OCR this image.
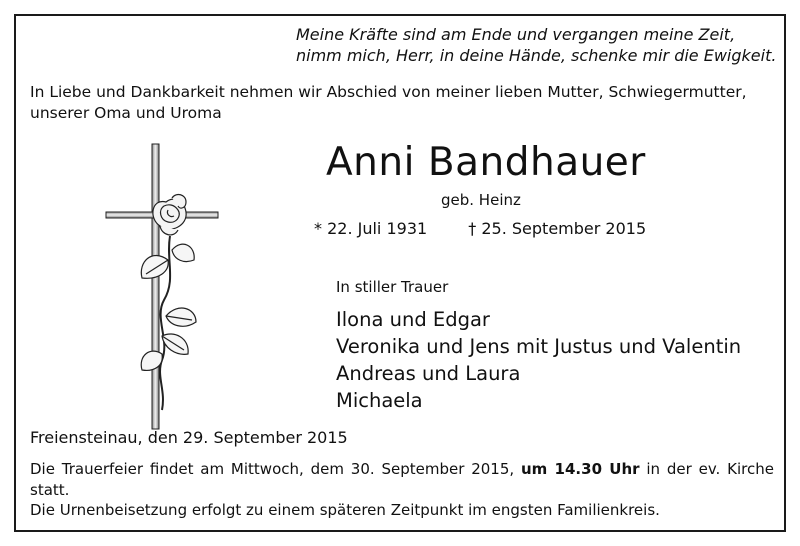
Meine Kräfte sind am Ende und vergangen meine Zeit,
nimm mich, Herr, in deine Hände, schenke mir die Ewigkeit.
In Liebe und Dankbarkeit nehmen wir Abschied von meiner lieben Mutter, Schwiegermutter, unserer Oma und Uroma
Anni Bandhauer
geb. Heinz
* 22. Juli 1931	† 25. September 2015
In stiller Trauer
Ilona und Edgar
Veronika und Jens mit Justus und Valentin
Andreas und Laura
Michaela
Freiensteinau, den 29. September 2015
Die Trauerfeier findet am Mittwoch, dem 30. September 2015, um 14.30 Uhr in der ev. Kirche statt.
Die Urnenbeisetzung erfolgt zu einem späteren Zeitpunkt im engsten Familienkreis.
